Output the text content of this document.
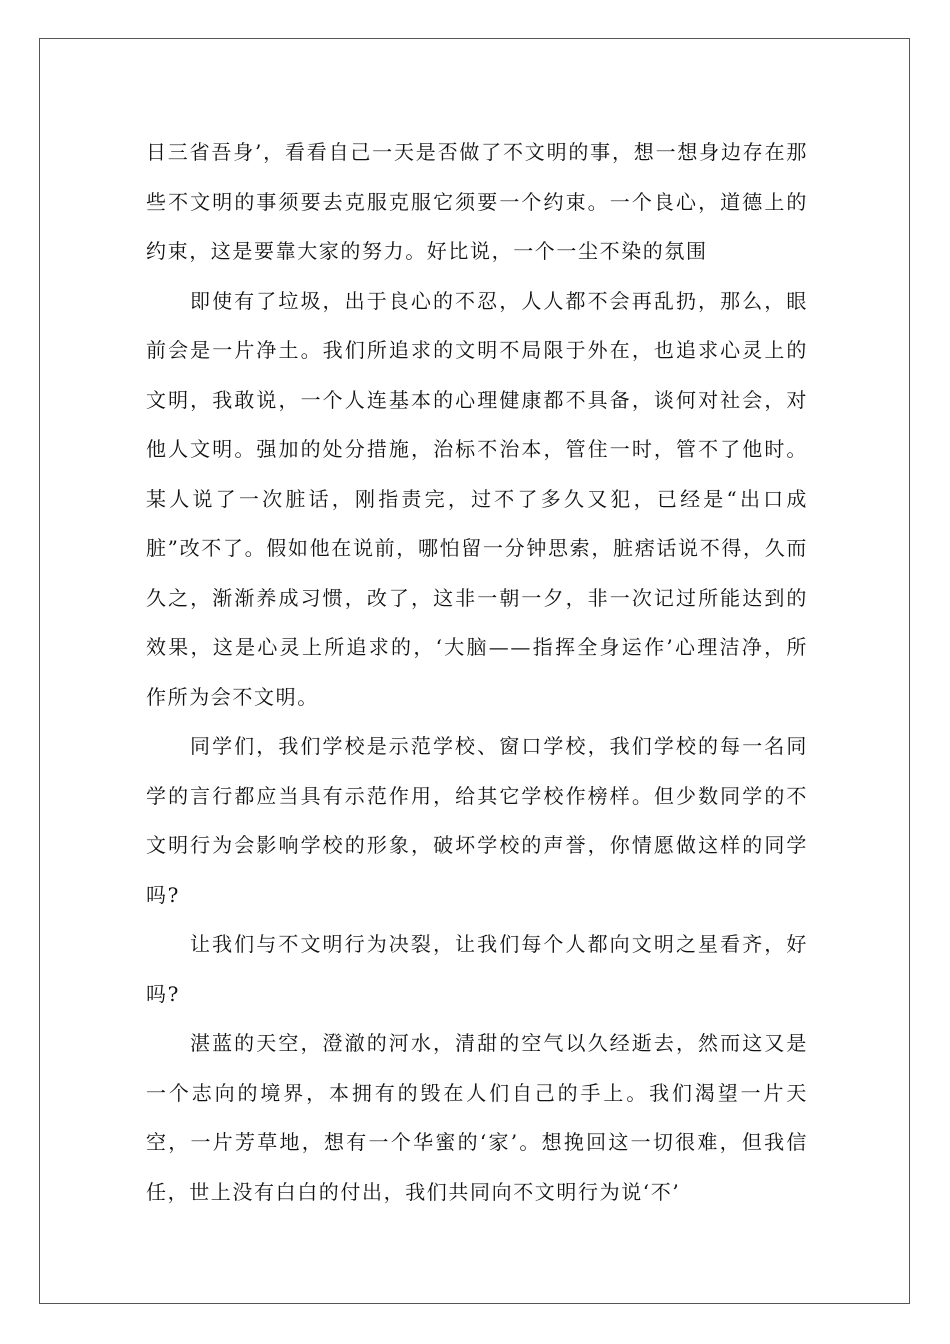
日三省吾身’，看看自己一天是否做了不文明的事，想一想身边存在那些不文明的事须要去克服克服它须要一个约束。一个良心，道德上的约束，这是要靠大家的努力。好比说，一个一尘不染的氛围

即使有了垃圾，出于良心的不忍，人人都不会再乱扔，那么，眼前会是一片净土。我们所追求的文明不局限于外在，也追求心灵上的文明，我敢说，一个人连基本的心理健康都不具备，谈何对社会，对他人文明。强加的处分措施，治标不治本，管住一时，管不了他时。某人说了一次脏话，刚指责完，过不了多久又犯，已经是“出口成脏”改不了。假如他在说前，哪怕留一分钟思索，脏痞话说不得，久而久之，渐渐养成习惯，改了，这非一朝一夕，非一次记过所能达到的效果，这是心灵上所追求的，‘大脑——指挥全身运作’心理洁净，所作所为会不文明。

同学们，我们学校是示范学校、窗口学校，我们学校的每一名同学的言行都应当具有示范作用，给其它学校作榜样。但少数同学的不文明行为会影响学校的形象，破坏学校的声誉，你情愿做这样的同学吗?

让我们与不文明行为决裂，让我们每个人都向文明之星看齐，好吗?

湛蓝的天空，澄澈的河水，清甜的空气以久经逝去，然而这又是一个志向的境界，本拥有的毁在人们自己的手上。我们渴望一片天空，一片芳草地，想有一个华蜜的‘家’。想挽回这一切很难，但我信任，世上没有白白的付出，我们共同向不文明行为说‘不’
